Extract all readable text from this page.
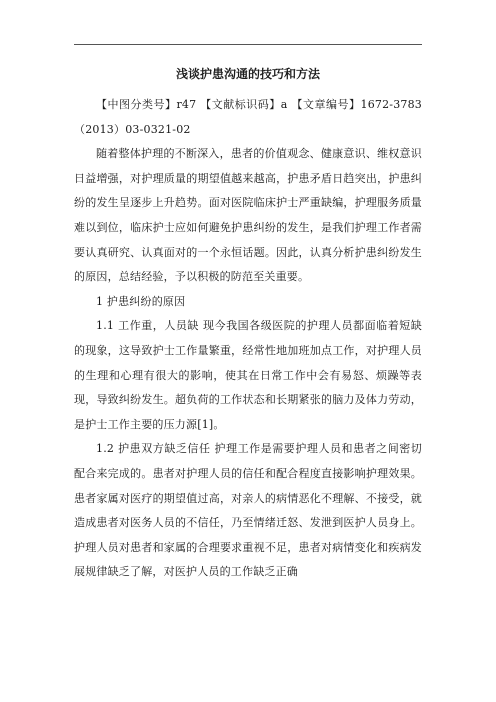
浅谈护患沟通的技巧和方法

【中图分类号】r47 【文献标识码】a 【文章编号】1672-3783（2013）03-0321-02

随着整体护理的不断深入，患者的价值观念、健康意识、维权意识 日益增强，对护理质量的期望值越来越高，护患矛盾日趋突出，护患纠纷的发生呈逐步上升趋势。面对医院临床护士严重缺编，护理服务质量难以到位，临床护士应如何避免护患纠纷的发生，是我们护理工作者需要认真研究、认真面对的一个永恒话题。因此，认真分析护患纠纷发生的原因，总结经验，予以积极的防范至关重要。

1 护患纠纷的原因

1.1 工作重，人员缺 现今我国各级医院的护理人员都面临着短缺的现象，这导致护士工作量繁重，经常性地加班加点工作，对护理人员的生理和心理有很大的影响，使其在日常工作中会有易怒、烦躁等表现，导致纠纷发生。超负荷的工作状态和长期紧张的脑力及体力劳动，是护士工作主要的压力源[1]。

1.2 护患双方缺乏信任 护理工作是需要护理人员和患者之间密切配合来完成的。患者对护理人员的信任和配合程度直接影响护理效果。患者家属对医疗的期望值过高，对亲人的病情恶化不理解、不接受，就造成患者对医务人员的不信任，乃至情绪迁怒、发泄到医护人员身上。护理人员对患者和家属的合理要求重视不足，患者对病情变化和疾病发展规律缺乏了解，对医护人员的工作缺乏正确
